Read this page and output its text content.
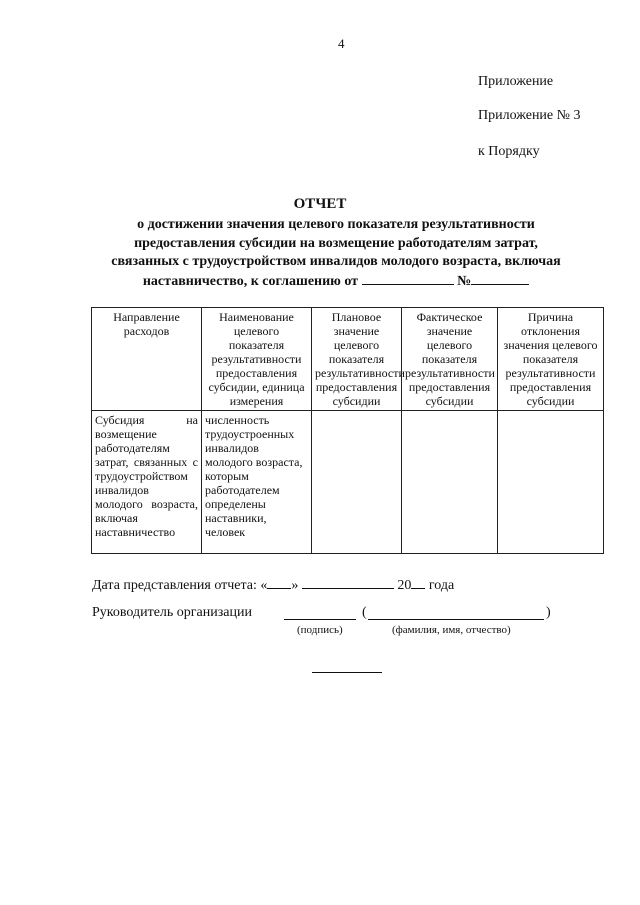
4
Приложение
Приложение № 3
к Порядку
ОТЧЕТ
о достижении значения целевого показателя результативности
предоставления субсидии на возмещение работодателям затрат,
связанных с трудоустройством инвалидов молодого возраста, включая
наставничество, к соглашению от	№
Направление расходов	Наименование целевого показателя результативности предоставления субсидии, единица измерения	Плановое значение целевого показателя результативности предоставления субсидии	Фактическое значение целевого показателя результативности предоставления субсидии	Причина отклонения значения целевого показателя результативности предоставления субсидии
Субсидия на возмещение работодателям затрат, связанных с трудоустройством инвалидов молодого возраста, включая наставничество	численность трудоустроенных инвалидов молодого возраста, которым работодателем определены наставники, человек			
Дата представления отчета: « »	20 года
Руководитель организации	(	)
(подпись)	(фамилия, имя, отчество)
